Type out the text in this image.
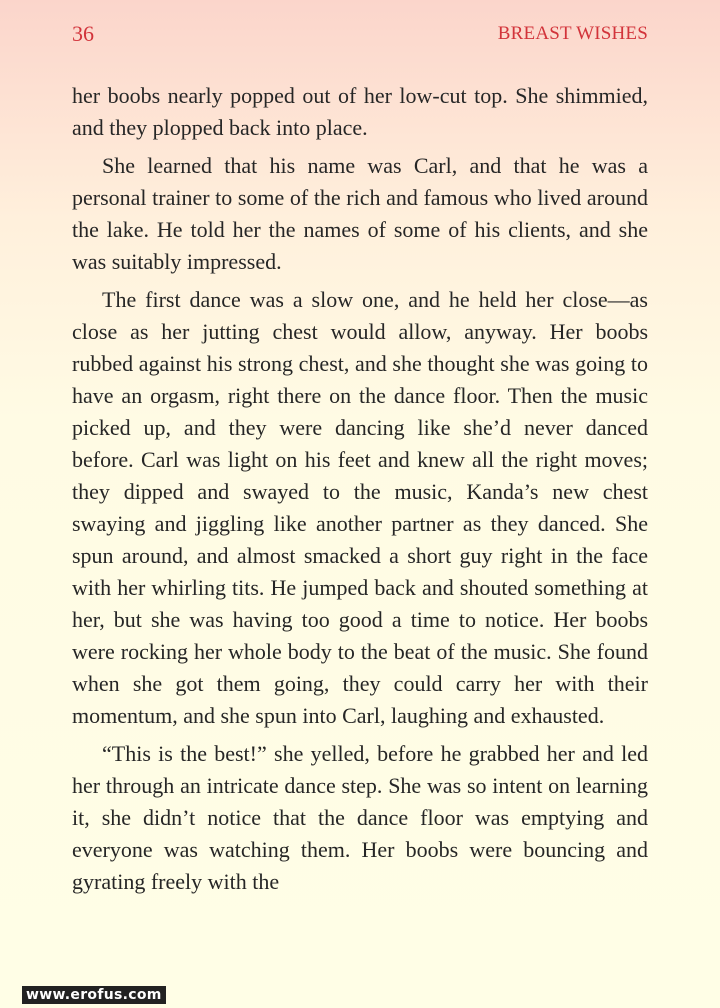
36	BREAST WISHES

her boobs nearly popped out of her low-cut top. She shimmied, and they plopped back into place.

She learned that his name was Carl, and that he was a personal trainer to some of the rich and famous who lived around the lake. He told her the names of some of his clients, and she was suitably impressed.

The first dance was a slow one, and he held her close—as close as her jutting chest would allow, anyway. Her boobs rubbed against his strong chest, and she thought she was going to have an orgasm, right there on the dance floor. Then the music picked up, and they were dancing like she’d never danced before. Carl was light on his feet and knew all the right moves; they dipped and swayed to the music, Kanda’s new chest swaying and jiggling like another partner as they danced. She spun around, and almost smacked a short guy right in the face with her whirling tits. He jumped back and shouted something at her, but she was having too good a time to notice. Her boobs were rocking her whole body to the beat of the music. She found when she got them going, they could carry her with their momentum, and she spun into Carl, laughing and exhausted.

“This is the best!” she yelled, before he grabbed her and led her through an intricate dance step. She was so intent on learning it, she didn’t notice that the dance floor was emptying and everyone was watching them. Her boobs were bouncing and gyrating freely with the

www.erofus.com
